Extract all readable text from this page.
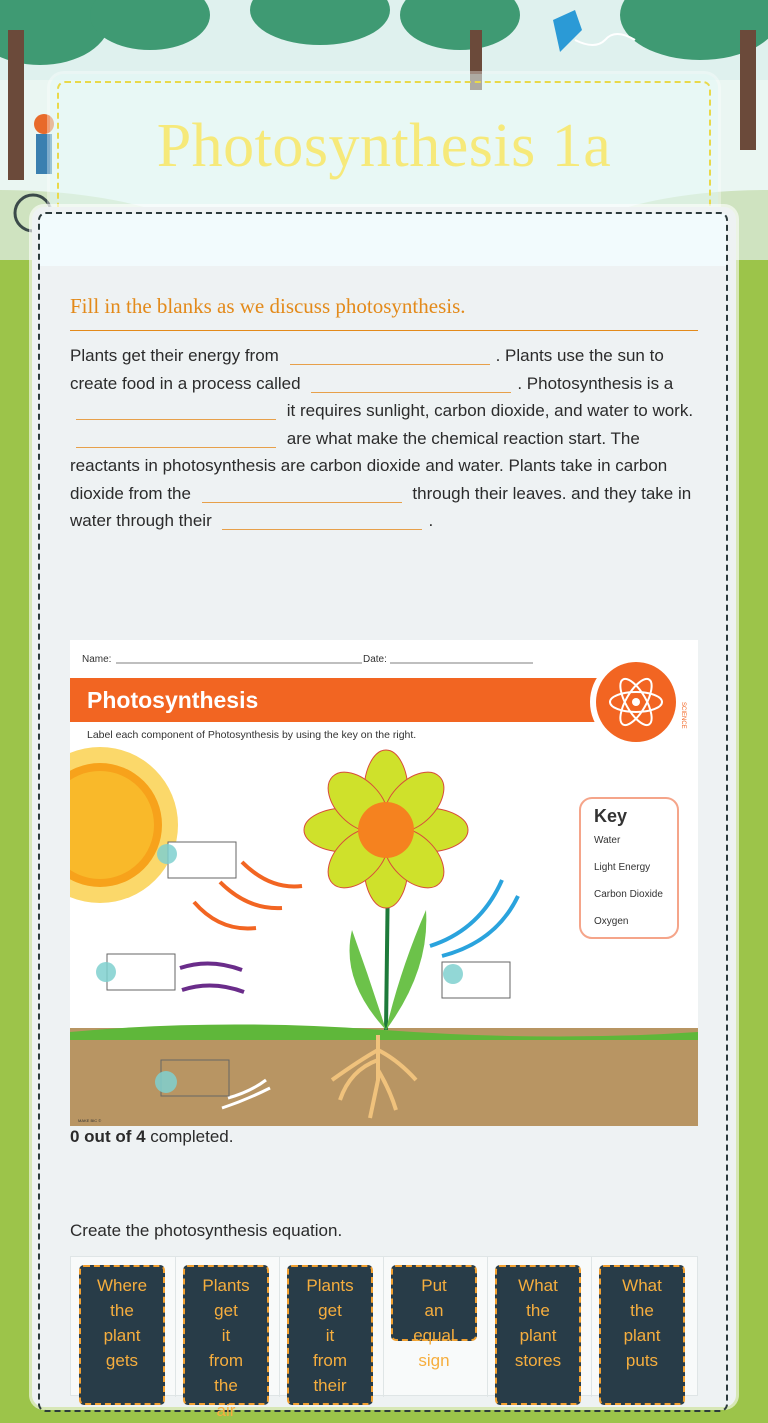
Photosynthesis 1a
Fill in the blanks as we discuss photosynthesis.
Plants get their energy from	. Plants use the sun to create food in a process called	. Photosynthesis is a  it requires sunlight, carbon dioxide, and water to work.  are what make the chemical reaction start. The reactants in photosynthesis are carbon dioxide and water. Plants take in carbon dioxide from the	through their leaves. and they take in water through their	.
Name:	Date:
Photosynthesis
SCIENCE
Label each component of Photosynthesis by using the key on the right.
Key
Water
Light Energy
Carbon Dioxide
Oxygen
MAKE BIC ©
0 out of 4 completed.
Create the photosynthesis equation.
Where
the
plant
gets
Plants
get
it
from
the
air
Plants
get
it
from
their
Put
an
equal
sign
What
the
plant
stores
What
the
plant
puts
